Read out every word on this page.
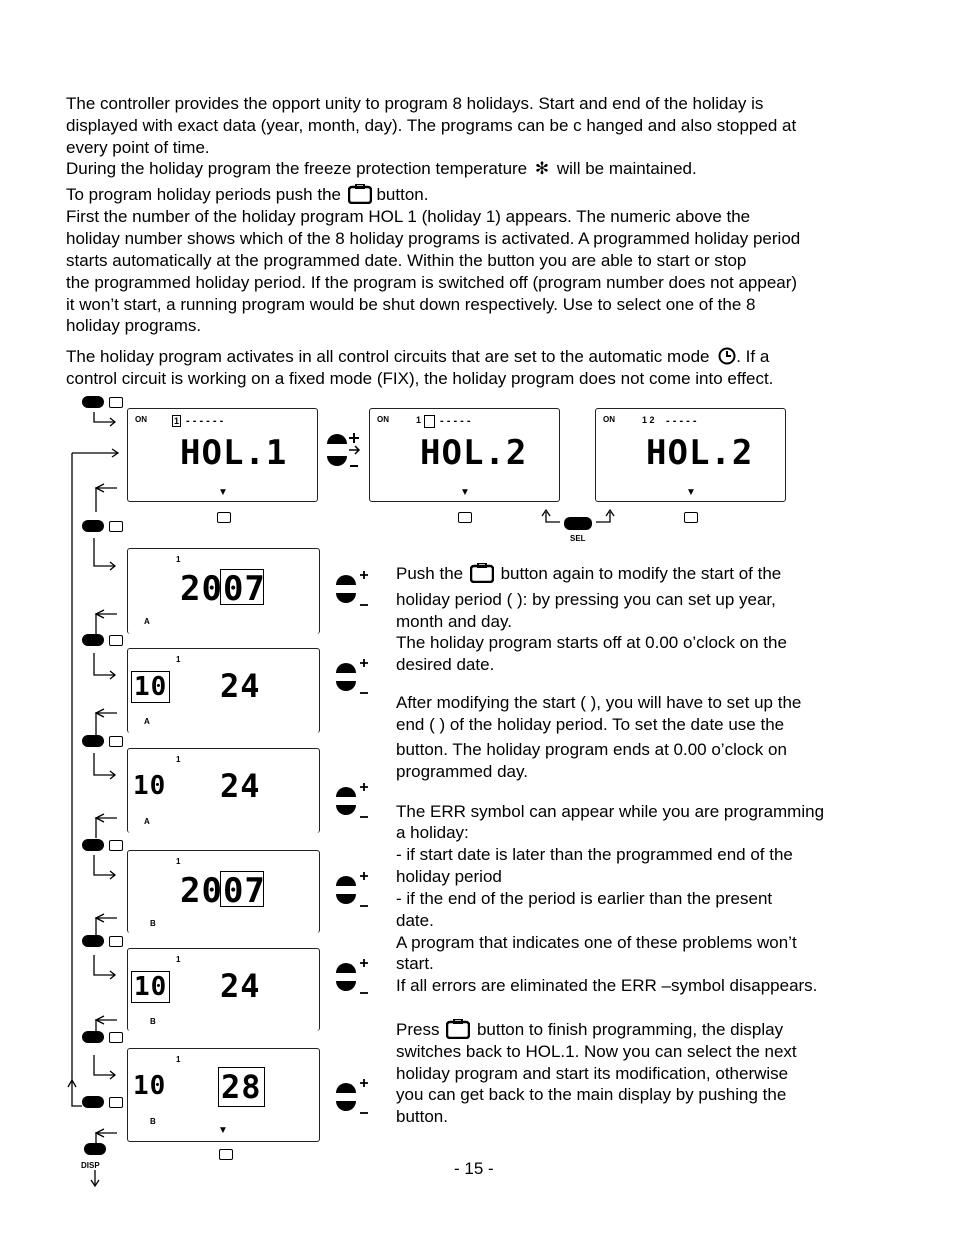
The controller provides the opport unity to program 8 holidays. Start and end of the holiday is

displayed with exact data (year, month, day). The programs can be c hanged and also stopped at

every point of time.

During the holiday program the freeze protection temperature ✻ will be maintained.

To program holiday periods push the button.

First the number of the holiday program HOL 1 (holiday 1) appears. The numeric above the

holiday number shows which of the 8 holiday programs is activated. A programmed holiday period

starts automatically at the programmed date. Within the button you are able to start or stop

the programmed holiday period. If the program is switched off (program number does not appear)

it won’t start, a running program would be shut down respectively. Use to select one of the 8

holiday programs.

The holiday program activates in all control circuits that are set to the automatic mode . If a

control circuit is working on a fixed mode (FIX), the holiday program does not come into effect.

DISP
ON	1 - - - - - -
HOL.1
▼
ON	1 - - - - -
HOL.2
▼
ON	1 2 - - - - -
HOL.2
▼
SEL
1
2007
A
1
10 24
A
1
10 24
A
1
2007
B
1
10 24
B
1
10 28
B
▼

Push the button again to modify the start of the

holiday period ( ): by pressing you can set up year,

month and day.

The holiday program starts off at 0.00 o’clock on the

desired date.

After modifying the start ( ), you will have to set up the

end ( ) of the holiday period. To set the date use the

button. The holiday program ends at 0.00 o’clock on

programmed day.

The ERR symbol can appear while you are programming

a holiday:

- if start date is later than the programmed end of the

holiday period

- if the end of the period is earlier than the present

date.

A program that indicates one of these problems won’t

start.

If all errors are eliminated the ERR –symbol disappears.

Press button to finish programming, the display

switches back to HOL.1. Now you can select the next

holiday program and start its modification, otherwise

you can get back to the main display by pushing the

button.

- 15 -
